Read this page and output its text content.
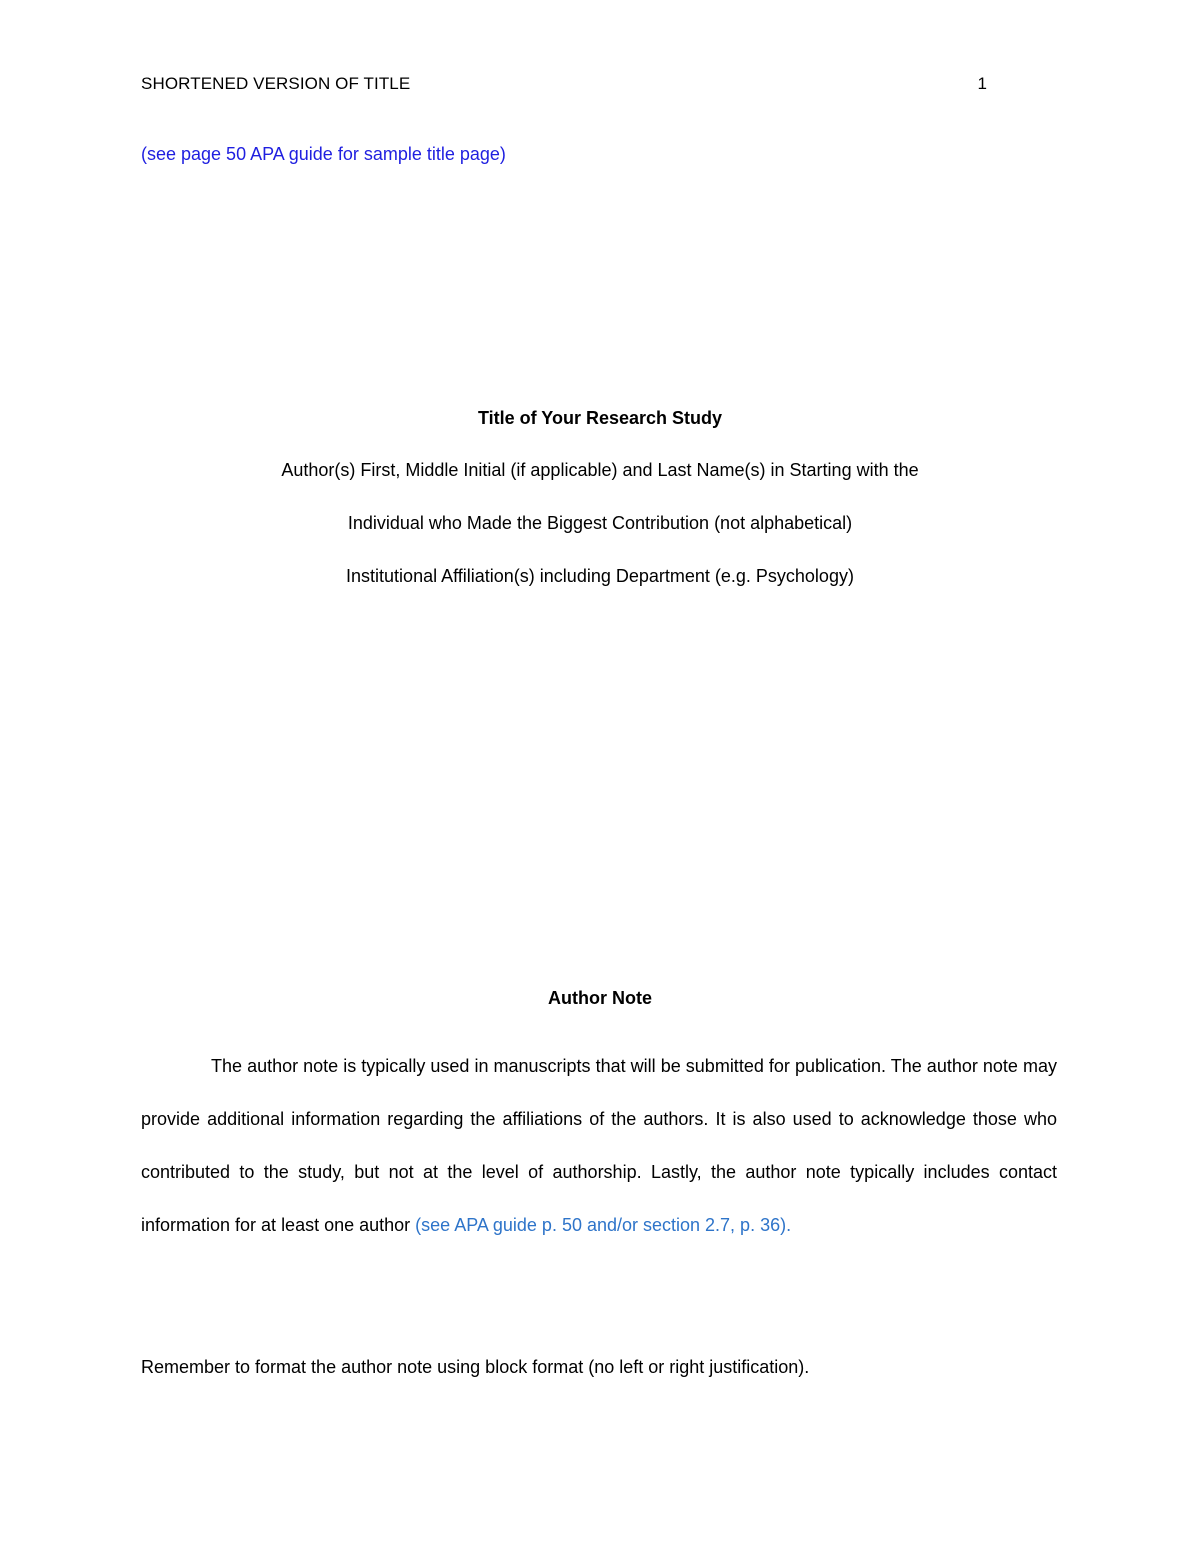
SHORTENED VERSION OF TITLE	1
(see page 50 APA guide for sample title page)
Title of Your Research Study
Author(s) First, Middle Initial (if applicable) and Last Name(s) in Starting with the
Individual who Made the Biggest Contribution (not alphabetical)
Institutional Affiliation(s) including Department (e.g. Psychology)
Author Note

The author note is typically used in manuscripts that will be submitted for publication. The author note may provide additional information regarding the affiliations of the authors. It is also used to acknowledge those who contributed to the study, but not at the level of authorship. Lastly, the author note typically includes contact information for at least one author (see APA guide p. 50 and/or section 2.7, p. 36).

Remember to format the author note using block format (no left or right justification).
